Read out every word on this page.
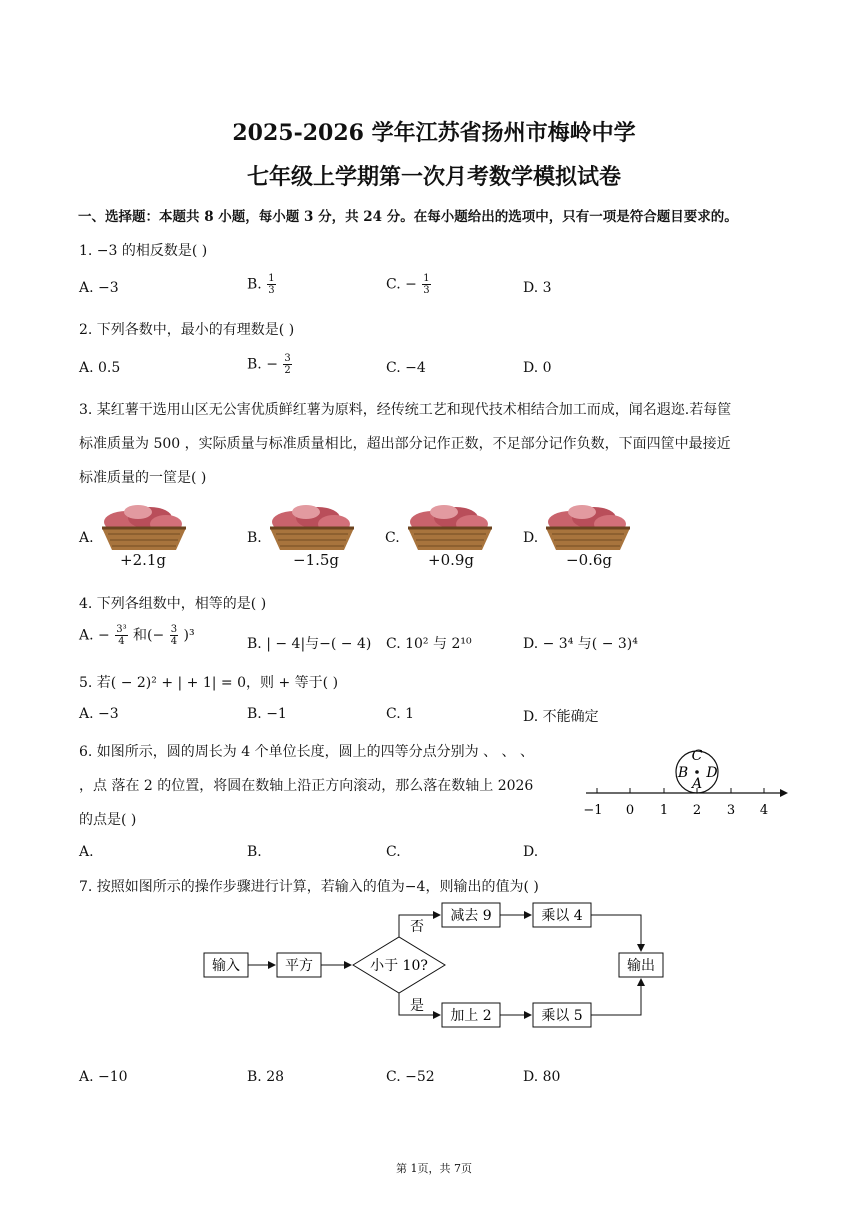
2025-2026 学年江苏省扬州市梅岭中学
七年级上学期第一次月考数学模拟试卷
一、选择题：本题共 8 小题，每小题 3 分，共 24 分。在每小题给出的选项中，只有一项是符合题目要求的。
1. −3 的相反数是( )
A. −3	B. $\frac{1}{3}$	C. − $\frac{1}{3}$	D. 3
2. 下列各数中，最小的有理数是( )
A. 0.5	B. − $\frac{3}{2}$	C. −4	D. 0
3. 某红薯干选用山区无公害优质鲜红薯为原料，经传统工艺和现代技术相结合加工而成，闻名遐迩.若每筐
标准质量为 500 ，实际质量与标准质量相比，超出部分记作正数，不足部分记作负数，下面四筐中最接近
标准质量的一筐是( )
A.	B.	C.	D.
+2.1g	−1.5g	+0.9g	−0.6g
4. 下列各组数中，相等的是( )
A. − $\frac{\text{3³}}{4}$ 和(− $\frac{3}{4} )^3$
B. | − 4|与−( − 4) C. 10² 与 2¹⁰	D. − 3⁴ 与( − 3)⁴
5. 若( − 2)² + | + 1| = 0，则 + 等于( )
A. −3	B. −1	C. 1	D. 不能确定
6. 如图所示，圆的周长为 4 个单位长度，圆上的四等分点分别为 、 、 、
，点 落在 2 的位置，将圆在数轴上沿正方向滚动，那么落在数轴上 2026
的点是( )
A.	B.	C.	D.
−1 0 1 2 3 4
C
B D
A
7. 按照如图所示的操作步骤进行计算，若输入的值为−4，则输出的值为( )
输入	平方	小于 10?
减去 9	乘以 4
加上 2	乘以 5
输出
否
是
A. −10	B. 28	C. −52	D. 80
第 1页，共 7页
